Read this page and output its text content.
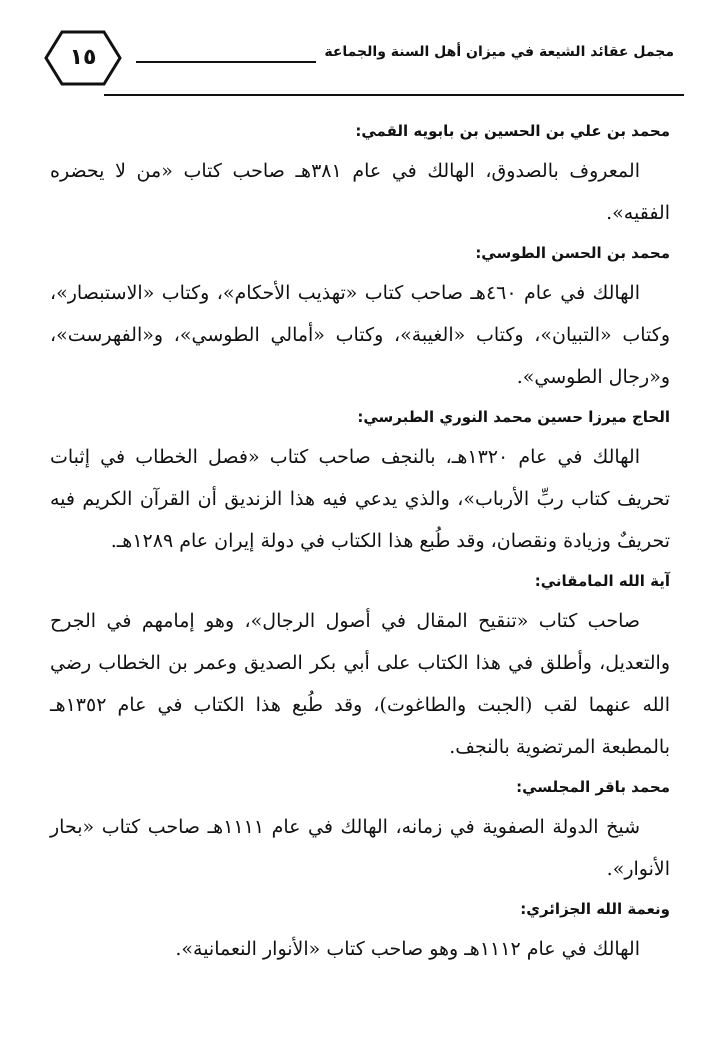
١٥	مجمل عقائد الشيعة في ميزان أهل السنة والجماعة

محمد بن علي بن الحسين بن بابويه القمي:

المعروف بالصدوق، الهالك في عام ٣٨١هـ صاحب كتاب «من لا يحضره الفقيه».

محمد بن الحسن الطوسي:

الهالك في عام ٤٦٠هـ صاحب كتاب «تهذيب الأحكام»، وكتاب «الاستبصار»، وكتاب «التبيان»، وكتاب «الغيبة»، وكتاب «أمالي الطوسي»، و«الفهرست»، و«رجال الطوسي».

الحاج ميرزا حسين محمد النوري الطبرسي:

الهالك في عام ١٣٢٠هـ، بالنجف صاحب كتاب «فصل الخطاب في إثبات تحريف كتاب ربِّ الأرباب»، والذي يدعي فيه هذا الزنديق أن القرآن الكريم فيه تحريفٌ وزيادة ونقصان، وقد طُبع هذا الكتاب في دولة إيران عام ١٢٨٩هـ.

آية الله المامقاني:

صاحب كتاب «تنقيح المقال في أصول الرجال»، وهو إمامهم في الجرح والتعديل، وأطلق في هذا الكتاب على أبي بكر الصديق وعمر بن الخطاب رضي الله عنهما لقب (الجبت والطاغوت)، وقد طُبع هذا الكتاب في عام ١٣٥٢هـ بالمطبعة المرتضوية بالنجف.

محمد باقر المجلسي:

شيخ الدولة الصفوية في زمانه، الهالك في عام ١١١١هـ صاحب كتاب «بحار الأنوار».

ونعمة الله الجزائري:

الهالك في عام ١١١٢هـ وهو صاحب كتاب «الأنوار النعمانية».
